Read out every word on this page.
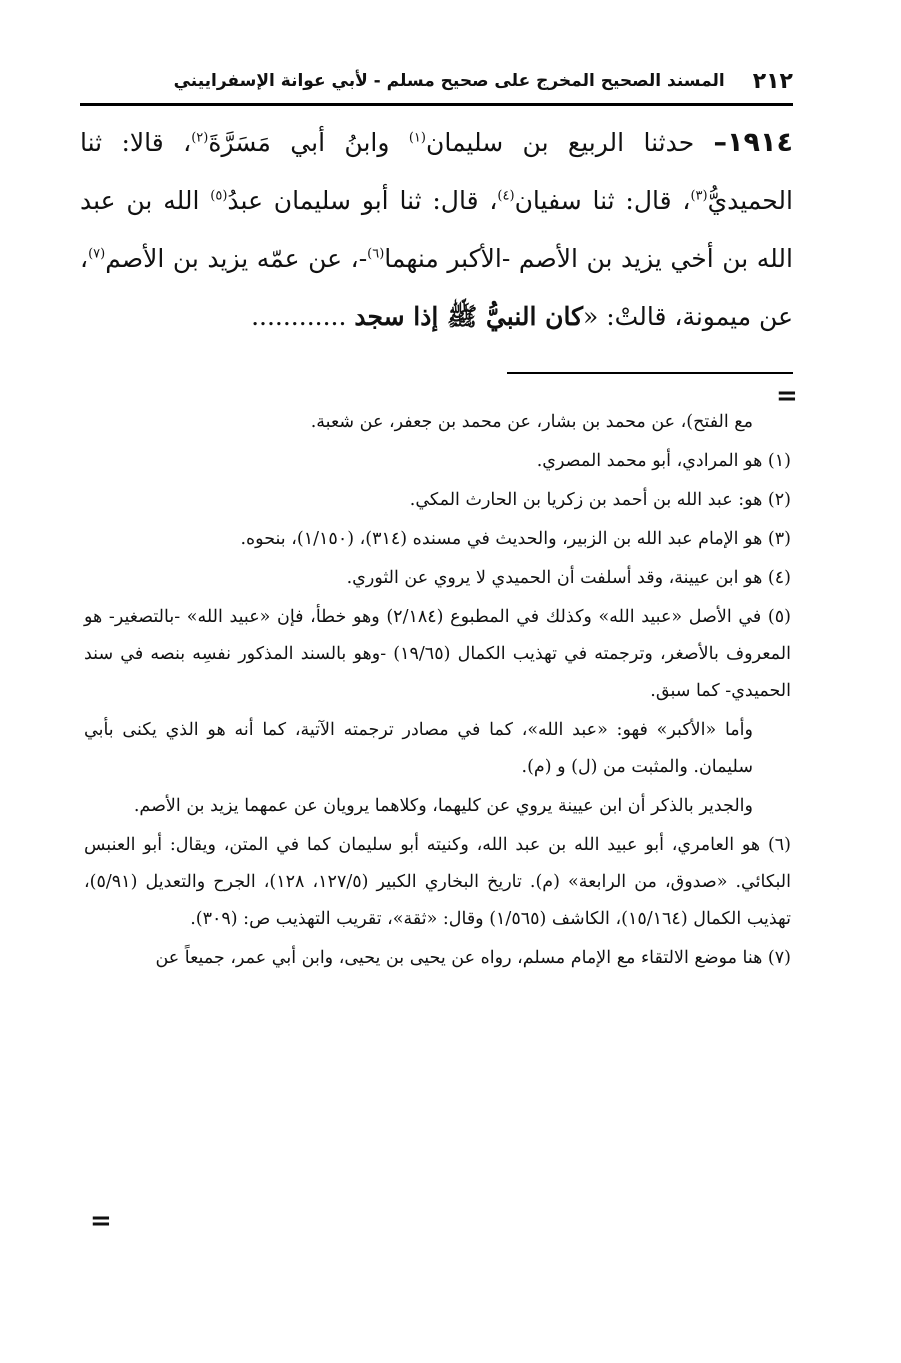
٢١٢
المسند الصحيح المخرج على صحيح مسلم - لأبي عوانة الإسفراييني
١٩١٤– حدثنا الربيع بن سليمان$^{(١)}$ وابنُ أبي مَسَرَّةَ$^{(٢)}$، قالا: ثنا الحميديُّ$^{(٣)}$، قال: ثنا سفيان$^{(٤)}$، قال: ثنا أبو سليمان عبدُ$^{(٥)}$ الله بن عبد الله بن أخي يزيد بن الأصم -الأكبر منهما$^{(٦)}$-، عن عمّه يزيد بن الأصم$^{(٧)}$، عن ميمونة، قالتْ: «كان النبيُّ ﷺ إذا سجد ............
=
مع الفتح)، عن محمد بن بشار، عن محمد بن جعفر، عن شعبة.
(١) هو المرادي، أبو محمد المصري.
(٢) هو: عبد الله بن أحمد بن زكريا بن الحارث المكي.
(٣) هو الإمام عبد الله بن الزبير، والحديث في مسنده (٣١٤)، (١/١٥٠)، بنحوه.
(٤) هو ابن عيينة، وقد أسلفت أن الحميدي لا يروي عن الثوري.
(٥) في الأصل «عبيد الله» وكذلك في المطبوع (٢/١٨٤) وهو خطأ، فإن «عبيد الله» -بالتصغير- هو المعروف بالأصغر، وترجمته في تهذيب الكمال (١٩/٦٥) -وهو بالسند المذكور نفسِه بنصه في سند الحميدي- كما سبق.
وأما «الأكبر» فهو: «عبد الله»، كما في مصادر ترجمته الآتية، كما أنه هو الذي يكنى بأبي سليمان. والمثبت من (ل) و (م).
والجدير بالذكر أن ابن عيينة يروي عن كليهما، وكلاهما يرويان عن عمهما يزيد بن الأصم.
(٦) هو العامري، أبو عبيد الله بن عبد الله، وكنيته أبو سليمان كما في المتن، ويقال: أبو العنبس البكائي. «صدوق، من الرابعة» (م). تاريخ البخاري الكبير (١٢٧/٥، ١٢٨)، الجرح والتعديل (٥/٩١)، تهذيب الكمال (١٥/١٦٤)، الكاشف (١/٥٦٥) وقال: «ثقة»، تقريب التهذيب ص: (٣٠٩).
(٧) هنا موضع الالتقاء مع الإمام مسلم، رواه عن يحيى بن يحيى، وابن أبي عمر، جميعاً عن
=
